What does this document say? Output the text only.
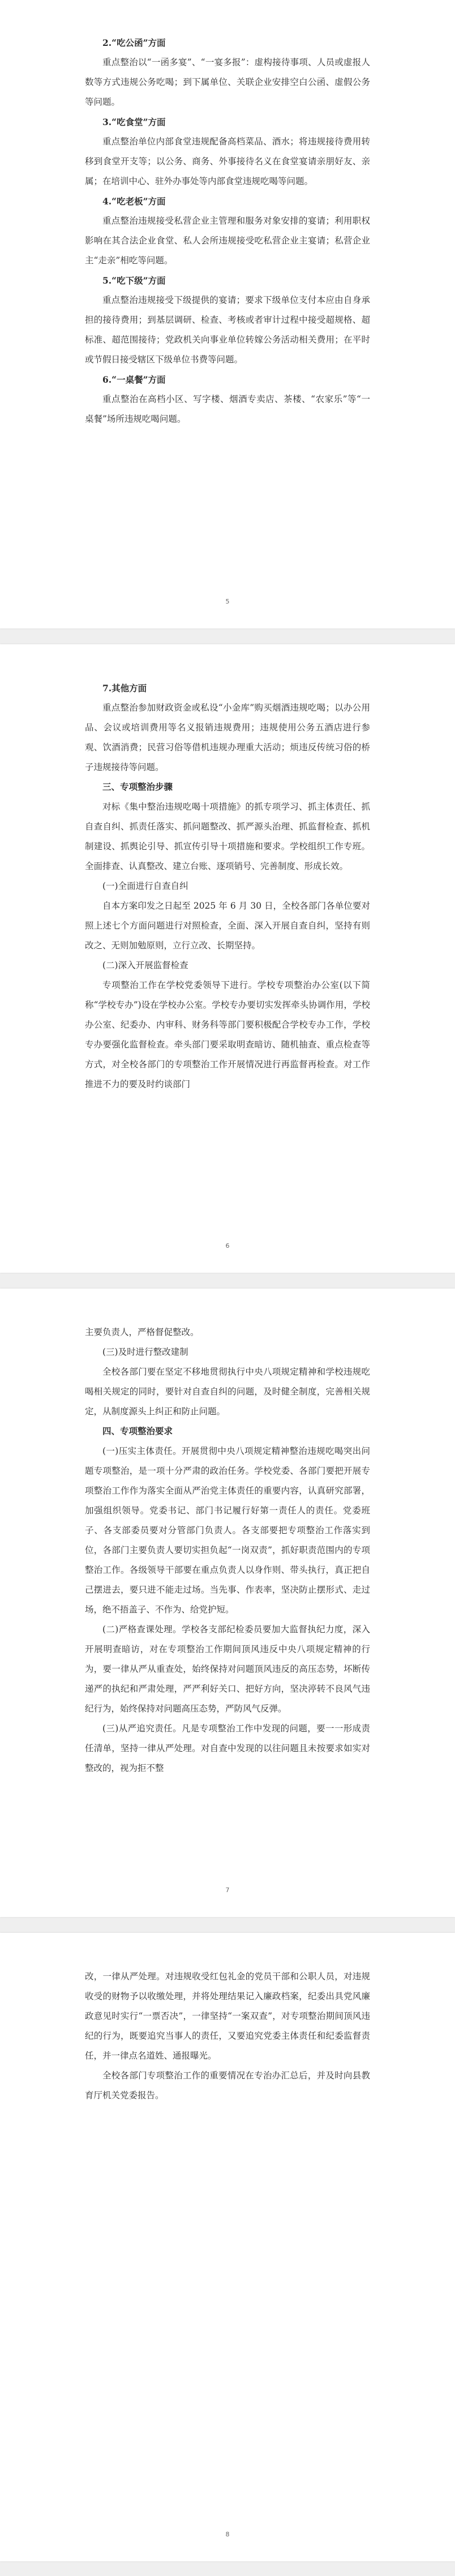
2.“吃公函”方面

重点整治以“一函多宴”、“一宴多报”：虚构接待事项、人员或虚报人数等方式违规公务吃喝；到下属单位、关联企业安排空白公函、虚假公务等问题。

3.“吃食堂”方面

重点整治单位内部食堂违规配备高档菜品、酒水；将违规接待费用转移到食堂开支等；以公务、商务、外事接待名义在食堂宴请亲朋好友、亲属；在培训中心、驻外办事处等内部食堂违规吃喝等问题。

4.“吃老板”方面

重点整治违规接受私营企业主管理和服务对象安排的宴请；利用职权影响在其合法企业食堂、私人会所违规接受吃私营企业主宴请；私营企业主“走亲”相吃等问题。

5.“吃下级”方面

重点整治违规接受下级提供的宴请；要求下级单位支付本应由自身承担的接待费用；到基层调研、检查、考核或者审计过程中接受超规格、超标准、超范围接待；党政机关向事业单位转嫁公务活动相关费用；在平时或节假日接受辖区下级单位书费等问题。

6.“一桌餐”方面

重点整治在高档小区、写字楼、烟酒专卖店、茶楼、“农家乐”等“一桌餐”场所违规吃喝问题。

5

7.其他方面

重点整治参加财政资金或私设“小金库”购买烟酒违规吃喝；以办公用品、会议或培训费用等名义报销违规费用；违规使用公务五酒店进行参观、饮酒消费；民营习俗等借机违规办理重大活动；烦违反传统习俗的桥子违规接待等问题。

三、专项整治步骤

对标《集中整治违规吃喝十项措施》的抓专项学习、抓主体责任、抓自查自纠、抓责任落实、抓问题整改、抓严源头治理、抓监督检查、抓机制建设、抓舆论引导、抓宣传引导十项措施和要求。学校组织工作专班。全面排查、认真整改、建立台账、逐项销号、完善制度、形成长效。

(一)全面进行自查自纠

自本方案印发之日起至 2025 年 6 月 30 日，全校各部门各单位要对照上述七个方面问题进行对照检查，全面、深入开展自查自纠，坚持有则改之、无则加勉原则，立行立改、长期坚持。

(二)深入开展监督检查

专项整治工作在学校党委领导下进行。学校专项整治办公室(以下简称“学校专办”)设在学校办公室。学校专办要切实发挥牵头协调作用，学校办公室、纪委办、内审科、财务科等部门要积极配合学校专办工作，学校专办要强化监督检查。牵头部门要采取明查暗访、随机抽查、重点检查等方式，对全校各部门的专项整治工作开展情况进行再监督再检查。对工作推进不力的要及时约谈部门

6

主要负责人，严格督促整改。

(三)及时进行整改建制

全校各部门要在坚定不移地贯彻执行中央八项规定精神和学校违规吃喝相关规定的同时，要针对自查自纠的问题，及时健全制度，完善相关规定，从制度源头上纠正和防止问题。

四、专项整治要求

(一)压实主体责任。开展贯彻中央八项规定精神整治违规吃喝突出问题专项整治，是一项十分严肃的政治任务。学校党委、各部门要把开展专项整治工作作为落实全面从严治党主体责任的重要内容，认真研究部署，加强组织领导。党委书记、部门书记履行好第一责任人的责任。党委班子、各支部委员要对分管部门负责人。各支部要把专项整治工作落实到位，各部门主要负责人要切实担负起“一岗双责”，抓好职责范围内的专项整治工作。各级领导干部要在重点负责人以身作则、带头执行，真正把自己摆进去，要只进不能走过场。当先事、作表率，坚决防止摆形式、走过场，绝不捂盖子、不作为、给党护短。

(二)严格查课处理。学校各支部纪检委员要加大监督执纪力度，深入开展明查暗访，对在专项整治工作期间顶风违反中央八项规定精神的行为，要一律从严从重查处，始终保持对问题顶风违反的高压态势，坏断传递严的执纪和严肃处理，严严利好关口、把好方向，坚决渟转不良风气违纪行为，始终保持对问题高压态势，严防风气反弹。

(三)从严追究责任。凡是专项整治工作中发现的问题，要一一形成责任清单，坚持一律从严处理。对自查中发现的以往问题且未按要求如实对整改的，视为拒不整

7

改，一律从严处理。对违规收受红包礼金的党员干部和公职人员，对违规收受的财物予以收缴处理，并将处理结果记入廉政档案，纪委出具党风廉政意见时实行“一票否决”，一律坚持“一案双查”，对专项整治期间顶风违纪的行为，既要追究当事人的责任，又要追究党委主体责任和纪委监督责任，并一律点名道姓、通报曝光。

全校各部门专项整治工作的重要情况在专治办汇总后，并及时向县教育厅机关党委报告。

8
